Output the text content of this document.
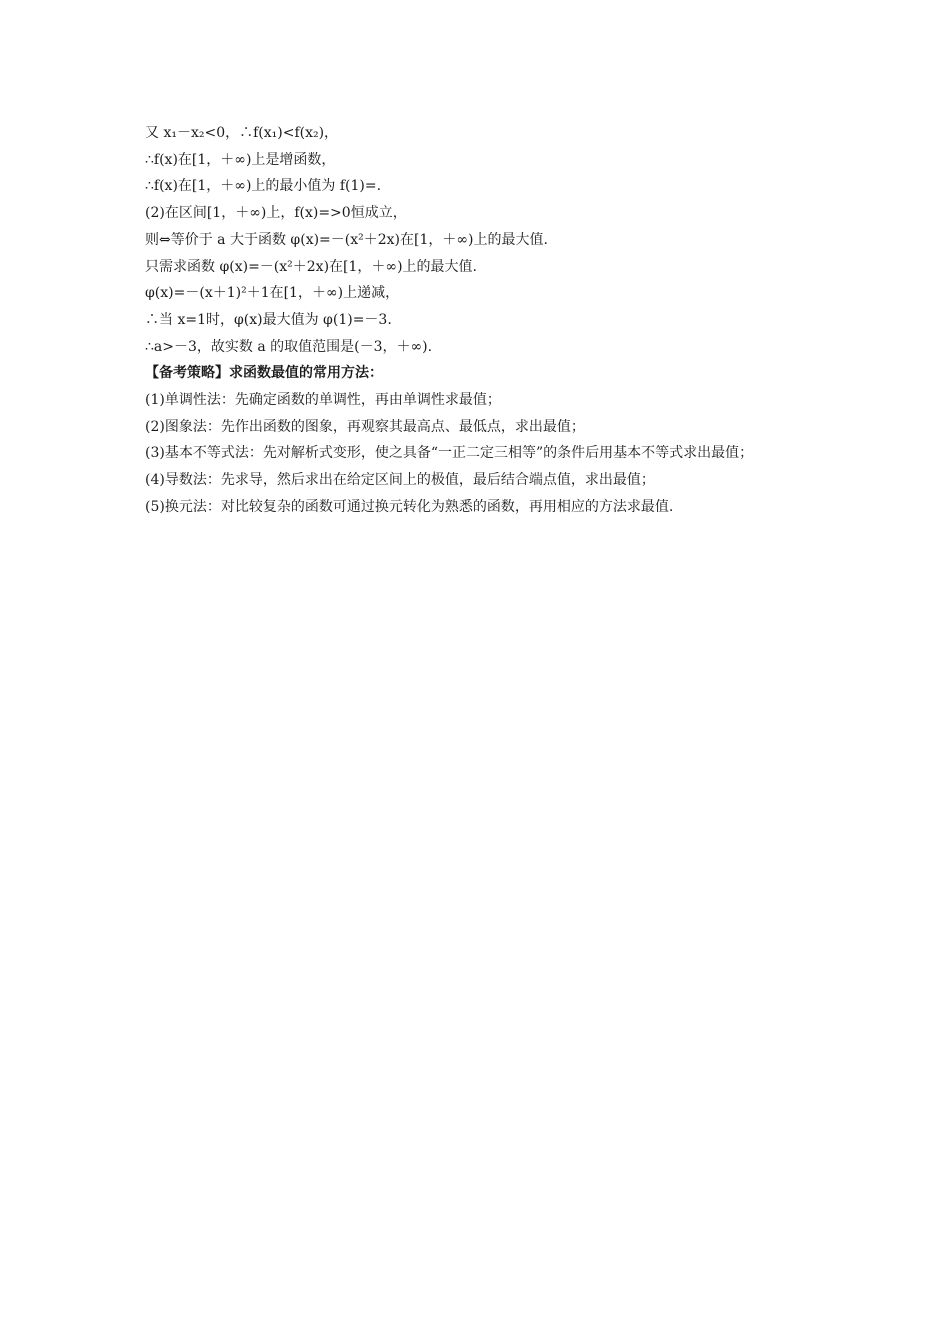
又 x₁－x₂<0，∴f(x₁)<f(x₂)，

∴f(x)在[1，＋∞)上是增函数，

∴f(x)在[1，＋∞)上的最小值为 f(1)=.

(2)在区间[1，＋∞)上，f(x)=>0恒成立，

则⇔等价于 a 大于函数 φ(x)=－(x²＋2x)在[1，＋∞)上的最大值.

只需求函数 φ(x)=－(x²＋2x)在[1，＋∞)上的最大值.

φ(x)=－(x＋1)²＋1在[1，＋∞)上递减，

∴当 x=1时，φ(x)最大值为 φ(1)=－3.

∴a>－3，故实数 a 的取值范围是(－3，＋∞).

【备考策略】求函数最值的常用方法：

(1)单调性法：先确定函数的单调性，再由单调性求最值；

(2)图象法：先作出函数的图象，再观察其最高点、最低点，求出最值；

(3)基本不等式法：先对解析式变形，使之具备“一正二定三相等”的条件后用基本不等式求出最值；

(4)导数法：先求导，然后求出在给定区间上的极值，最后结合端点值，求出最值；

(5)换元法：对比较复杂的函数可通过换元转化为熟悉的函数，再用相应的方法求最值.
